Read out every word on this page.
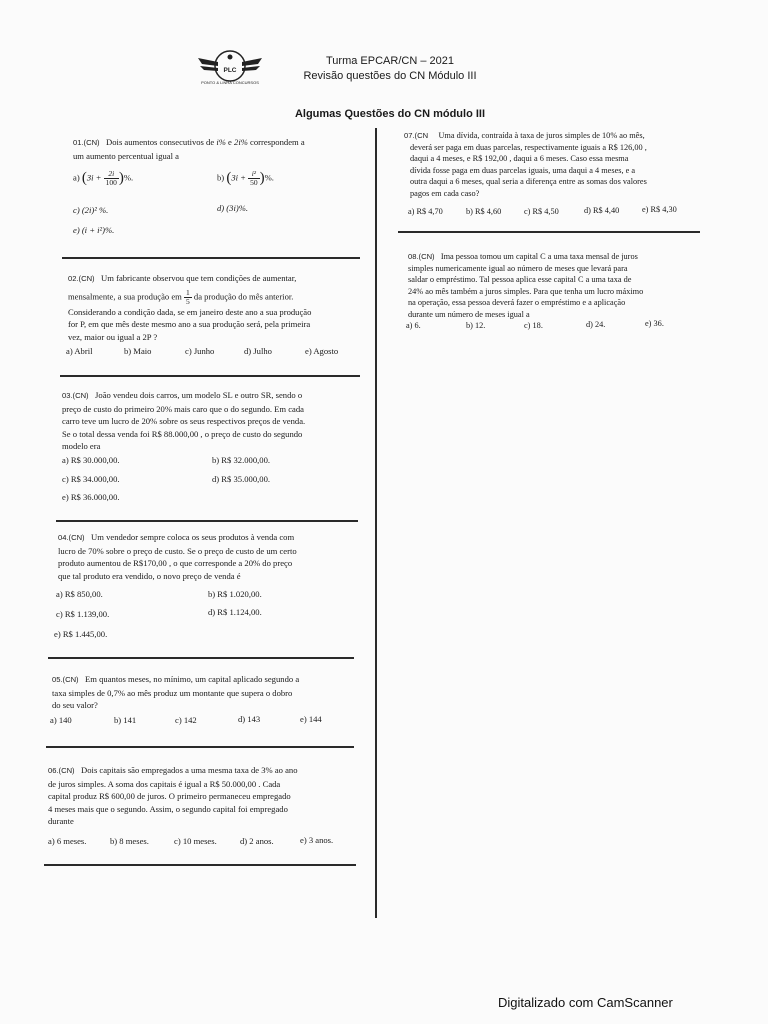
PLC
PONTO & LINHA CONCURSOS
Turma EPCAR/CN – 2021
Revisão questões do CN Módulo III
Algumas Questões do CN módulo III
01.(CN) Dois aumentos consecutivos de i% e 2i% correspondem a
um aumento percentual igual a
a) ($3i + \frac{2i}{100}$ )%.	b) ($3i + \frac{\text{i²}}{50}$ )%.
c) (2i)² %.	d) (3i)%.
e) (i + i²)%.
02.(CN) Um fabricante observou que tem condições de aumentar,
mensalmente, a sua produção em $\frac{1}{5}$ da produção do mês anterior.
Considerando a condição dada, se em janeiro deste ano a sua produção
for P, em que mês deste mesmo ano a sua produção será, pela primeira
vez, maior ou igual a 2P ?
a) Abril	b) Maio	c) Junho	d) Julho	e) Agosto
03.(CN) João vendeu dois carros, um modelo SL e outro SR, sendo o
preço de custo do primeiro 20% mais caro que o do segundo. Em cada
carro teve um lucro de 20% sobre os seus respectivos preços de venda.
Se o total dessa venda foi R$ 88.000,00 , o preço de custo do segundo
modelo era
a) R$ 30.000,00.	b) R$ 32.000,00.
c) R$ 34.000,00.	d) R$ 35.000,00.
e) R$ 36.000,00.
04.(CN) Um vendedor sempre coloca os seus produtos à venda com
lucro de 70% sobre o preço de custo. Se o preço de custo de um certo
produto aumentou de R$170,00 , o que corresponde a 20% do preço
que tal produto era vendido, o novo preço de venda é
a) R$ 850,00.	b) R$ 1.020,00.
c) R$ 1.139,00.	d) R$ 1.124,00.
e) R$ 1.445,00.
05.(CN) Em quantos meses, no mínimo, um capital aplicado segundo a
taxa simples de 0,7% ao mês produz um montante que supera o dobro
do seu valor?
a) 140	b) 141	c) 142	d) 143	e) 144
06.(CN) Dois capitais são empregados a uma mesma taxa de 3% ao ano
de juros simples. A soma dos capitais é igual a R$ 50.000,00 . Cada
capital produz R$ 600,00 de juros. O primeiro permaneceu empregado
4 meses mais que o segundo. Assim, o segundo capital foi empregado
durante
a) 6 meses.	b) 8 meses.	c) 10 meses.	d) 2 anos.	e) 3 anos.
07.(CN Uma dívida, contraída à taxa de juros simples de 10% ao mês,
deverá ser paga em duas parcelas, respectivamente iguais a R$ 126,00 ,
daqui a 4 meses, e R$ 192,00 , daqui a 6 meses. Caso essa mesma
dívida fosse paga em duas parcelas iguais, uma daqui a 4 meses, e a
outra daqui a 6 meses, qual seria a diferença entre as somas dos valores
pagos em cada caso?
a) R$ 4,70	b) R$ 4,60	c) R$ 4,50	d) R$ 4,40	e) R$ 4,30
08.(CN) Ima pessoa tomou um capital C a uma taxa mensal de juros
simples numericamente igual ao número de meses que levará para
saldar o empréstimo. Tal pessoa aplica esse capital C a uma taxa de
24% ao mês também a juros simples. Para que tenha um lucro máximo
na operação, essa pessoa deverá fazer o empréstimo e a aplicação
durante um número de meses igual a
a) 6.	b) 12.	c) 18.	d) 24.	e) 36.
Digitalizado com CamScanner
